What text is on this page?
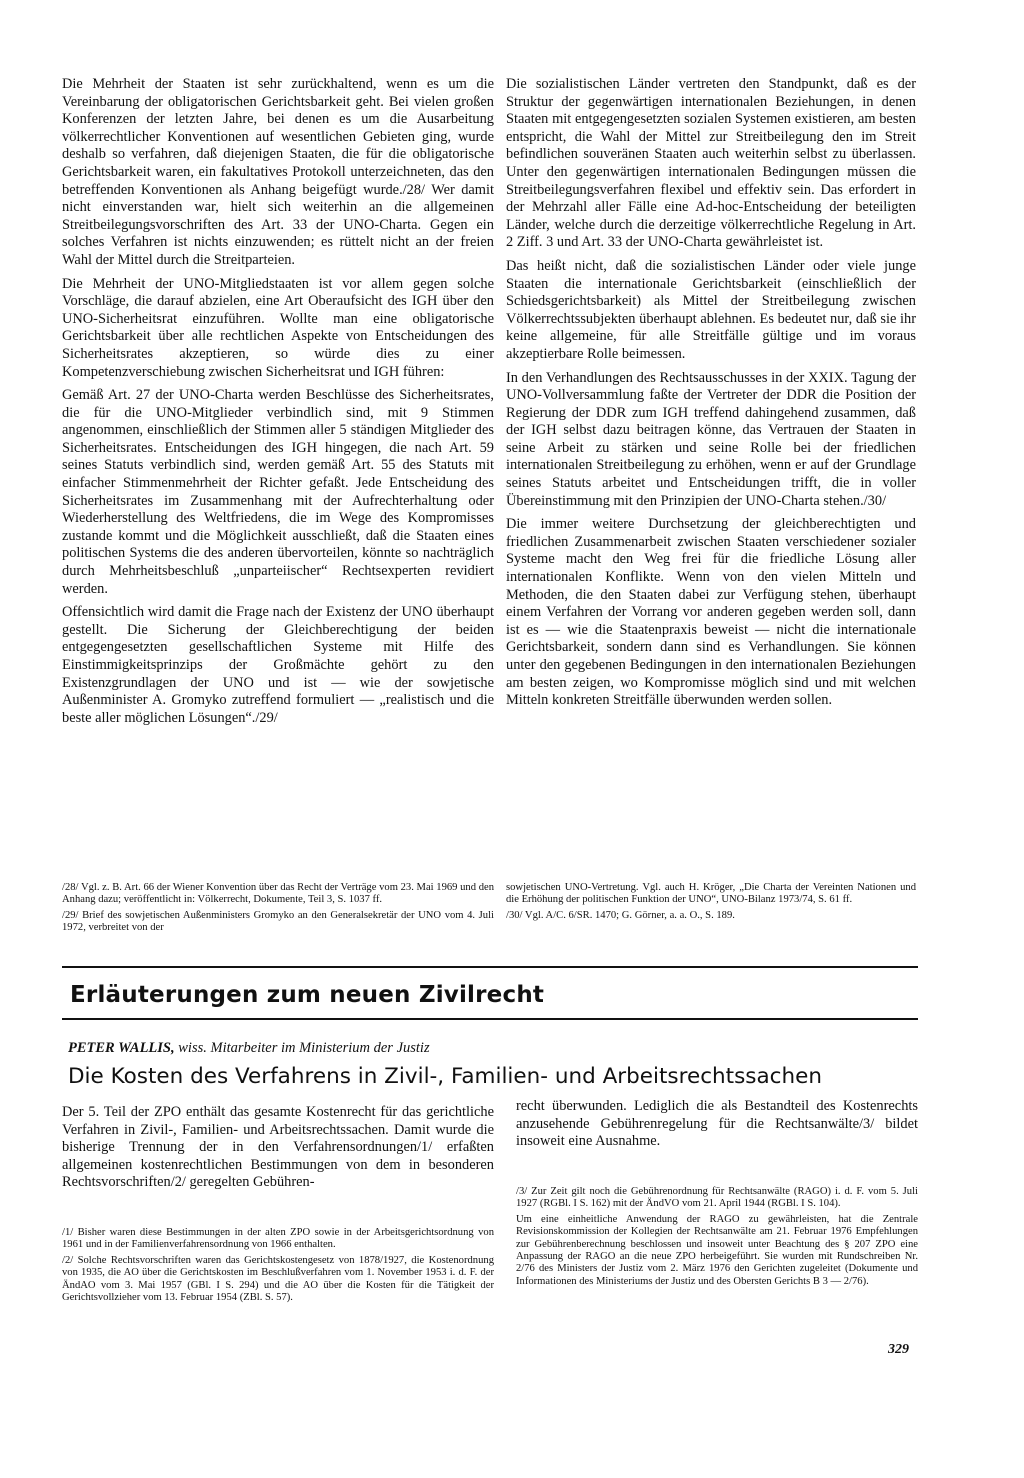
Die Mehrheit der Staaten ist sehr zurückhaltend, wenn es um die Vereinbarung der obligatorischen Gerichtsbarkeit geht. Bei vielen großen Konferenzen der letzten Jahre, bei denen es um die Ausarbeitung völkerrechtlicher Konventionen auf wesentlichen Gebieten ging, wurde deshalb so verfahren, daß diejenigen Staaten, die für die obligatorische Gerichtsbarkeit waren, ein fakultatives Protokoll unterzeichneten, das den betreffenden Konventionen als Anhang beigefügt wurde./28/ Wer damit nicht einverstanden war, hielt sich weiterhin an die allgemeinen Streitbeilegungsvorschriften des Art. 33 der UNO-Charta. Gegen ein solches Verfahren ist nichts einzuwenden; es rüttelt nicht an der freien Wahl der Mittel durch die Streitparteien.

Die Mehrheit der UNO-Mitgliedstaaten ist vor allem gegen solche Vorschläge, die darauf abzielen, eine Art Oberaufsicht des IGH über den UNO-Sicherheitsrat einzuführen. Wollte man eine obligatorische Gerichtsbarkeit über alle rechtlichen Aspekte von Entscheidungen des Sicherheitsrates akzeptieren, so würde dies zu einer Kompetenzverschiebung zwischen Sicherheitsrat und IGH führen:

Gemäß Art. 27 der UNO-Charta werden Beschlüsse des Sicherheitsrates, die für die UNO-Mitglieder verbindlich sind, mit 9 Stimmen angenommen, einschließlich der Stimmen aller 5 ständigen Mitglieder des Sicherheitsrates. Entscheidungen des IGH hingegen, die nach Art. 59 seines Statuts verbindlich sind, werden gemäß Art. 55 des Statuts mit einfacher Stimmenmehrheit der Richter gefaßt. Jede Entscheidung des Sicherheitsrates im Zusammenhang mit der Aufrechterhaltung oder Wiederherstellung des Weltfriedens, die im Wege des Kompromisses zustande kommt und die Möglichkeit ausschließt, daß die Staaten eines politischen Systems die des anderen übervorteilen, könnte so nachträglich durch Mehrheitsbeschluß „unparteiischer“ Rechtsexperten revidiert werden.

Offensichtlich wird damit die Frage nach der Existenz der UNO überhaupt gestellt. Die Sicherung der Gleichberechtigung der beiden entgegengesetzten gesellschaftlichen Systeme mit Hilfe des Einstimmigkeitsprinzips der Großmächte gehört zu den Existenzgrundlagen der UNO und ist — wie der sowjetische Außenminister A. Gromyko zutreffend formuliert — „realistisch und die beste aller möglichen Lösungen“./29/

Die sozialistischen Länder vertreten den Standpunkt, daß es der Struktur der gegenwärtigen internationalen Beziehungen, in denen Staaten mit entgegengesetzten sozialen Systemen existieren, am besten entspricht, die Wahl der Mittel zur Streitbeilegung den im Streit befindlichen souveränen Staaten auch weiterhin selbst zu überlassen. Unter den gegenwärtigen internationalen Bedingungen müssen die Streitbeilegungsverfahren flexibel und effektiv sein. Das erfordert in der Mehrzahl aller Fälle eine Ad-hoc-Entscheidung der beteiligten Länder, welche durch die derzeitige völkerrechtliche Regelung in Art. 2 Ziff. 3 und Art. 33 der UNO-Charta gewährleistet ist.

Das heißt nicht, daß die sozialistischen Länder oder viele junge Staaten die internationale Gerichtsbarkeit (einschließlich der Schiedsgerichtsbarkeit) als Mittel der Streitbeilegung zwischen Völkerrechtssubjekten überhaupt ablehnen. Es bedeutet nur, daß sie ihr keine allgemeine, für alle Streitfälle gültige und im voraus akzeptierbare Rolle beimessen.

In den Verhandlungen des Rechtsausschusses in der XXIX. Tagung der UNO-Vollversammlung faßte der Vertreter der DDR die Position der Regierung der DDR zum IGH treffend dahingehend zusammen, daß der IGH selbst dazu beitragen könne, das Vertrauen der Staaten in seine Arbeit zu stärken und seine Rolle bei der friedlichen internationalen Streitbeilegung zu erhöhen, wenn er auf der Grundlage seines Statuts arbeitet und Entscheidungen trifft, die in voller Übereinstimmung mit den Prinzipien der UNO-Charta stehen./30/

Die immer weitere Durchsetzung der gleichberechtigten und friedlichen Zusammenarbeit zwischen Staaten verschiedener sozialer Systeme macht den Weg frei für die friedliche Lösung aller internationalen Konflikte. Wenn von den vielen Mitteln und Methoden, die den Staaten dabei zur Verfügung stehen, überhaupt einem Verfahren der Vorrang vor anderen gegeben werden soll, dann ist es — wie die Staatenpraxis beweist — nicht die internationale Gerichtsbarkeit, sondern dann sind es Verhandlungen. Sie können unter den gegebenen Bedingungen in den internationalen Beziehungen am besten zeigen, wo Kompromisse möglich sind und mit welchen Mitteln konkreten Streitfälle überwunden werden sollen.

/28/ Vgl. z. B. Art. 66 der Wiener Konvention über das Recht der Verträge vom 23. Mai 1969 und den Anhang dazu; veröffentlicht in: Völkerrecht, Dokumente, Teil 3, S. 1037 ff.

/29/ Brief des sowjetischen Außenministers Gromyko an den Generalsekretär der UNO vom 4. Juli 1972, verbreitet von der

sowjetischen UNO-Vertretung. Vgl. auch H. Kröger, „Die Charta der Vereinten Nationen und die Erhöhung der politischen Funktion der UNO“, UNO-Bilanz 1973/74, S. 61 ff.

/30/ Vgl. A/C. 6/SR. 1470; G. Görner, a. a. O., S. 189.

Erläuterungen zum neuen Zivilrecht
PETER WALLIS, wiss. Mitarbeiter im Ministerium der Justiz
Die Kosten des Verfahrens in Zivil-, Familien- und Arbeitsrechtssachen

Der 5. Teil der ZPO enthält das gesamte Kostenrecht für das gerichtliche Verfahren in Zivil-, Familien- und Arbeitsrechtssachen. Damit wurde die bisherige Trennung der in den Verfahrensordnungen/1/ erfaßten allgemeinen kostenrechtlichen Bestimmungen von dem in besonderen Rechtsvorschriften/2/ geregelten Gebühren-

recht überwunden. Lediglich die als Bestandteil des Kostenrechts anzusehende Gebührenregelung für die Rechtsanwälte/3/ bildet insoweit eine Ausnahme.

/1/ Bisher waren diese Bestimmungen in der alten ZPO sowie in der Arbeitsgerichtsordnung von 1961 und in der Familienverfahrensordnung von 1966 enthalten.

/2/ Solche Rechtsvorschriften waren das Gerichtskostengesetz von 1878/1927, die Kostenordnung von 1935, die AO über die Gerichtskosten im Beschlußverfahren vom 1. November 1953 i. d. F. der ÄndAO vom 3. Mai 1957 (GBl. I S. 294) und die AO über die Kosten für die Tätigkeit der Gerichtsvollzieher vom 13. Februar 1954 (ZBl. S. 57).

/3/ Zur Zeit gilt noch die Gebührenordnung für Rechtsanwälte (RAGO) i. d. F. vom 5. Juli 1927 (RGBl. I S. 162) mit der ÄndVO vom 21. April 1944 (RGBl. I S. 104).

Um eine einheitliche Anwendung der RAGO zu gewährleisten, hat die Zentrale Revisionskommission der Kollegien der Rechtsanwälte am 21. Februar 1976 Empfehlungen zur Gebührenberechnung beschlossen und insoweit unter Beachtung des § 207 ZPO eine Anpassung der RAGO an die neue ZPO herbeigeführt. Sie wurden mit Rundschreiben Nr. 2/76 des Ministers der Justiz vom 2. März 1976 den Gerichten zugeleitet (Dokumente und Informationen des Ministeriums der Justiz und des Obersten Gerichts B 3 — 2/76).

329
